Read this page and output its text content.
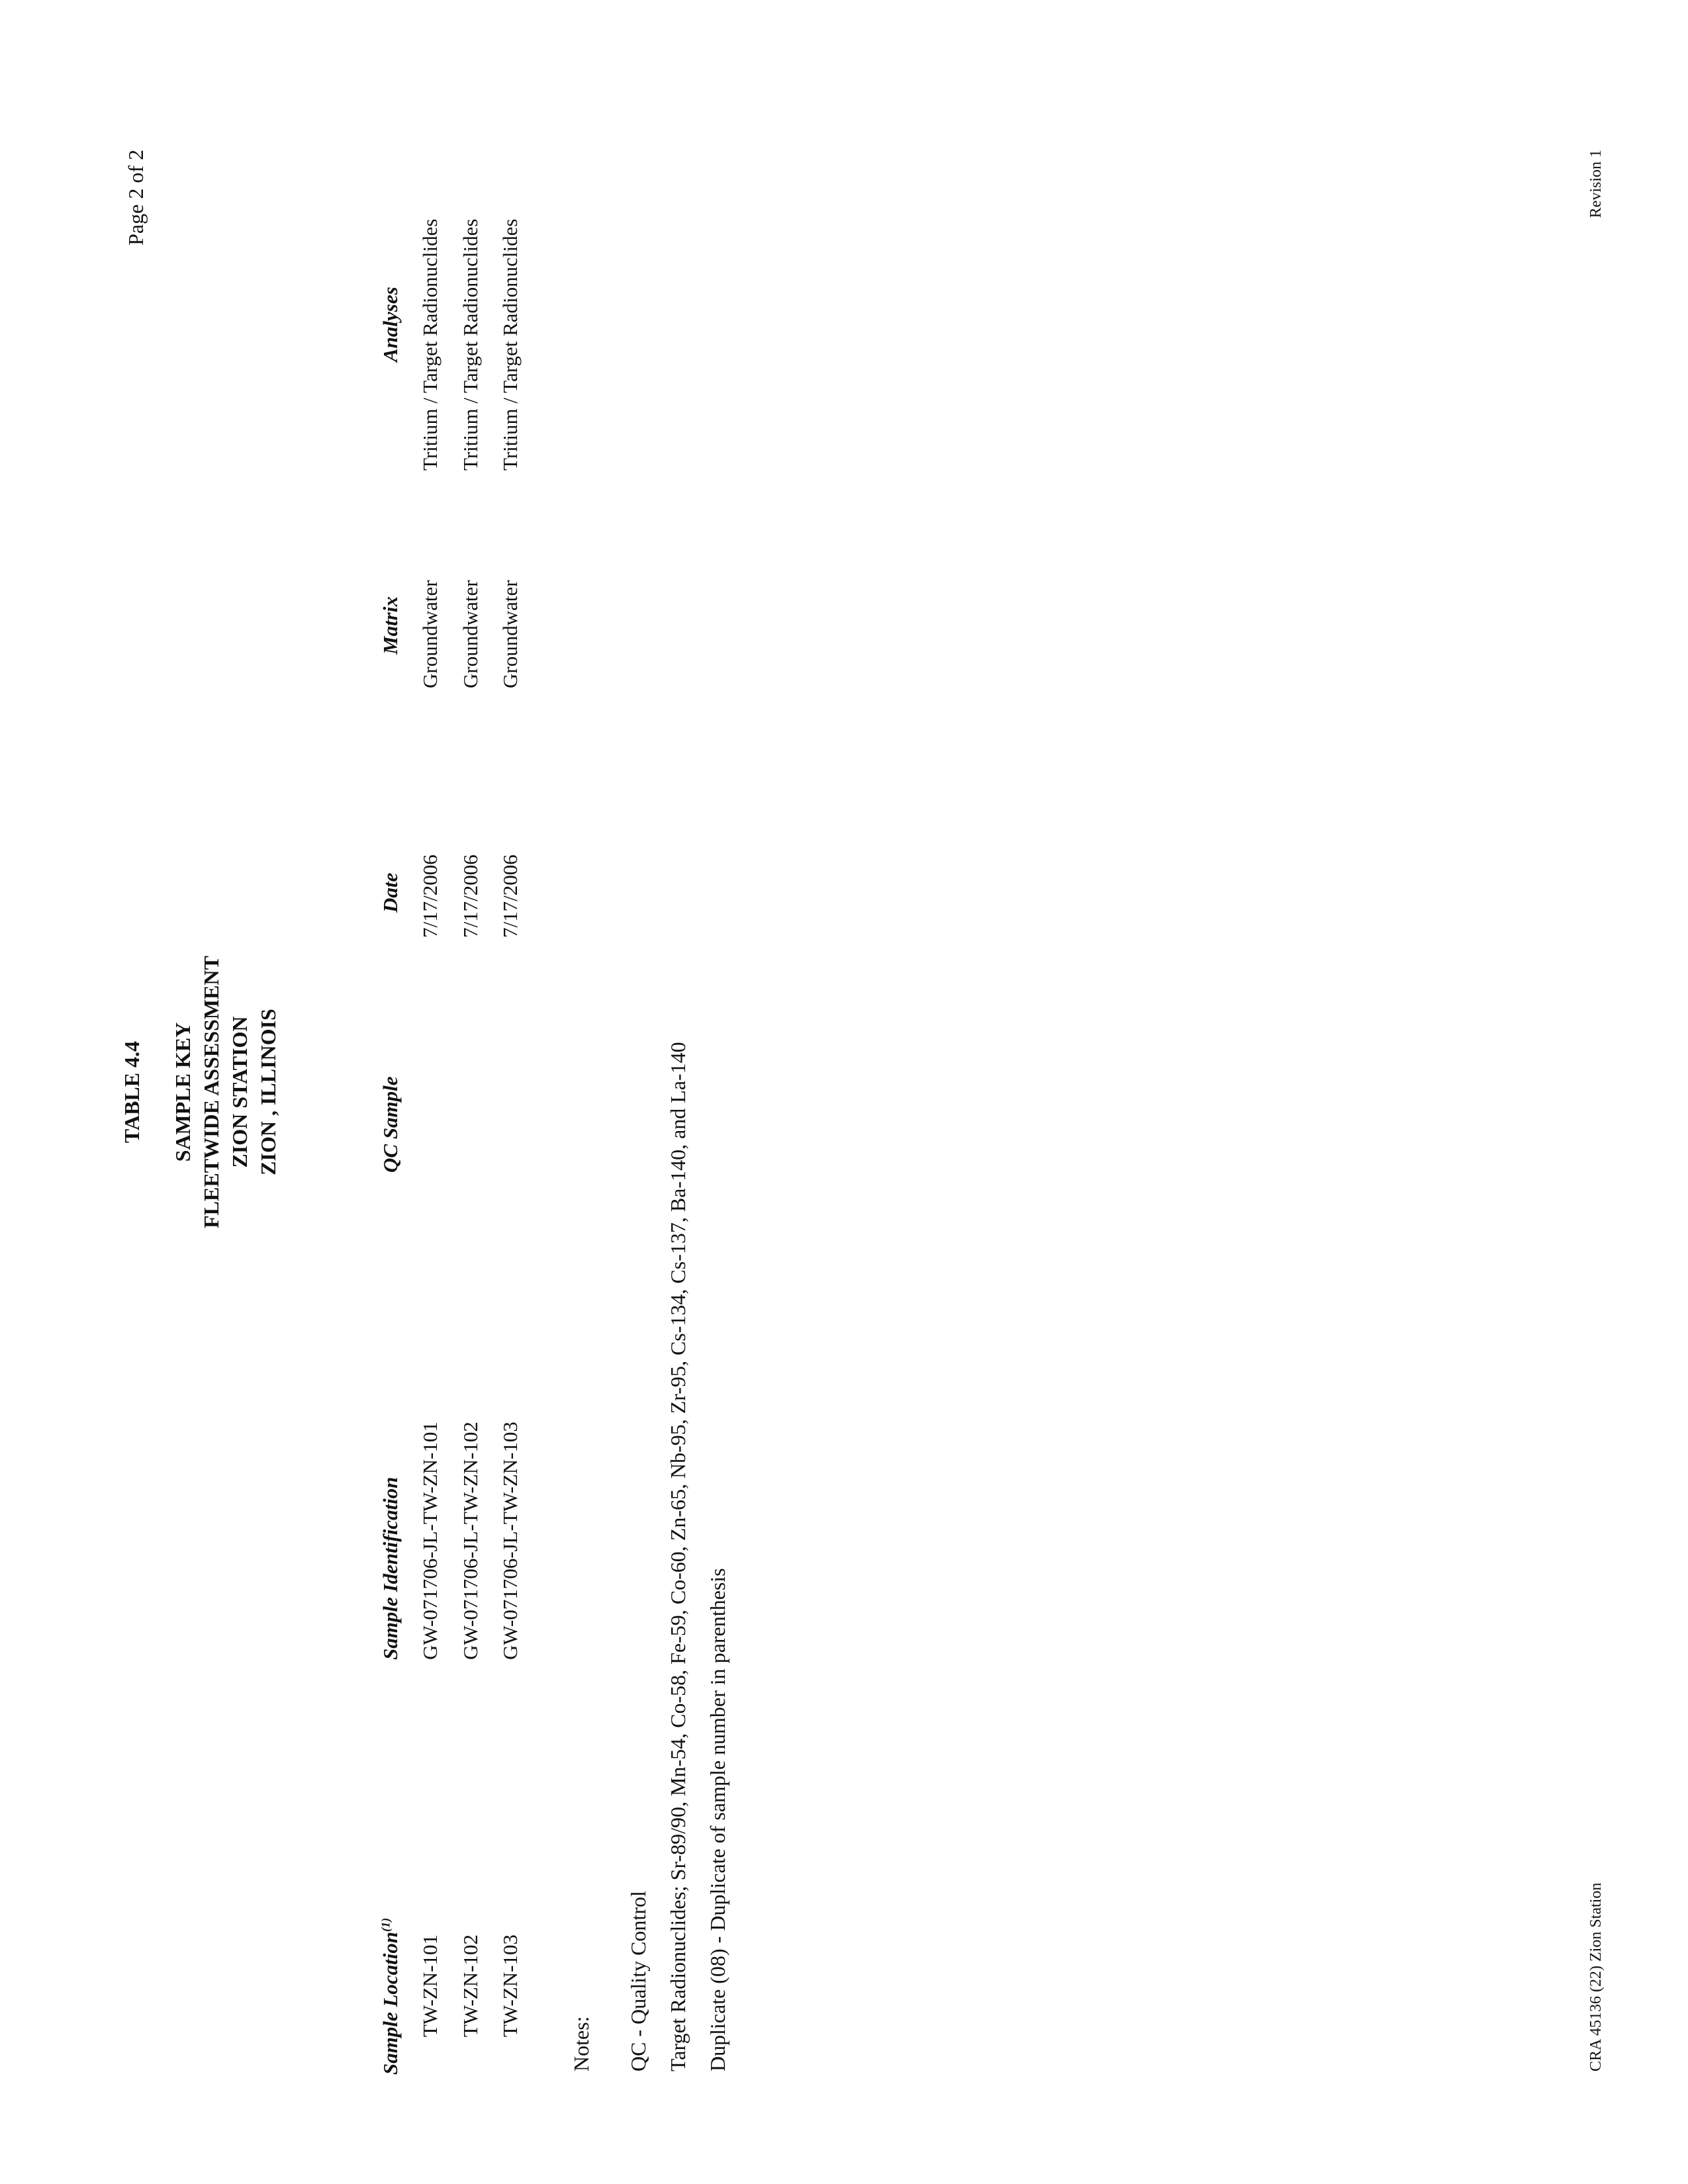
Page 2 of 2
TABLE 4.4 SAMPLE KEY FLEETWIDE ASSESSMENT ZION STATION ZION , ILLINOIS
Sample Location$^{(1)}$
Sample Identification
QC Sample
Date
Matrix
Analyses
TW-ZN-101
GW-071706-JL-TW-ZN-101
7/17/2006
Groundwater
Tritium / Target Radionuclides
TW-ZN-102
GW-071706-JL-TW-ZN-102
7/17/2006
Groundwater
Tritium / Target Radionuclides
TW-ZN-103
GW-071706-JL-TW-ZN-103
7/17/2006
Groundwater
Tritium / Target Radionuclides
Notes: QC - Quality Control Target Radionuclides; Sr-89/90, Mn-54, Co-58, Fe-59, Co-60, Zn-65, Nb-95, Zr-95, Cs-134, Cs-137, Ba-140, and La-140 Duplicate (08) - Duplicate of sample number in parenthesis	CRA 45136 (22) Zion Station
Revision 1
